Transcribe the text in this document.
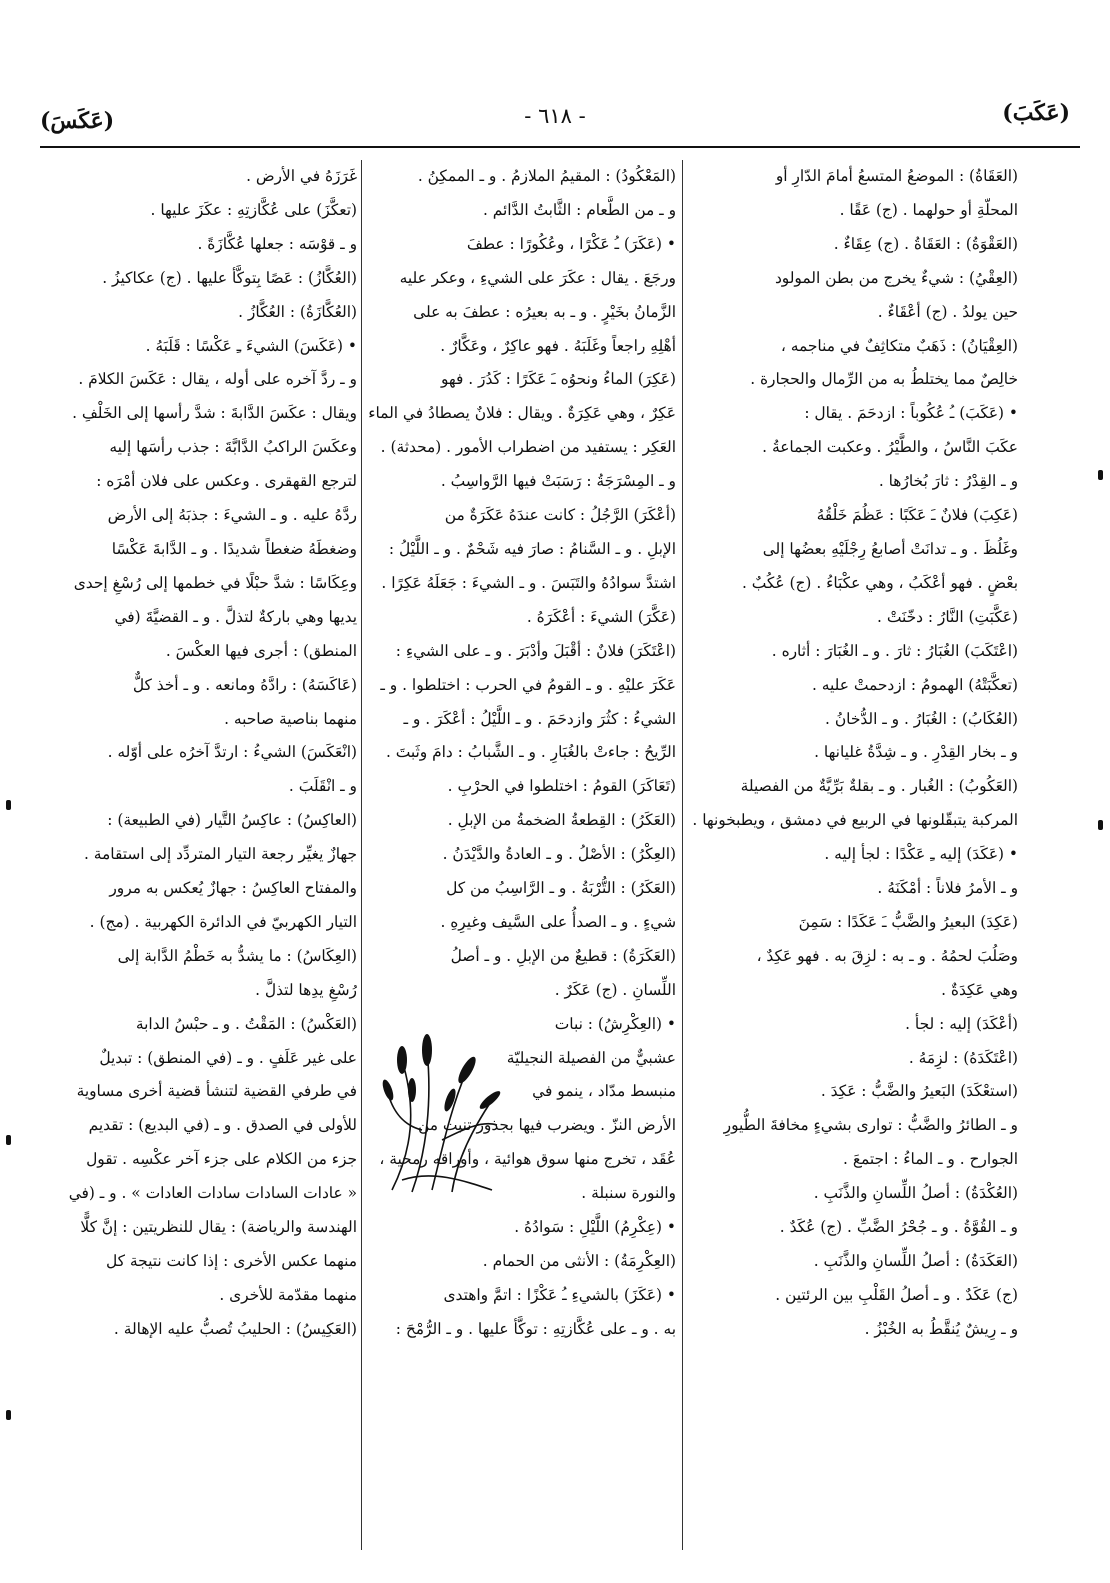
(عَكَبَ)
- ٦١٨ -
(عَكَسَ)

(العَقَاةُ) : الموضعُ المتسعُ أمامَ الدّارِ أو

المحلّةِ أو حولهما . (ج) عَقًا .

(العَقْوَةُ) : العَقَاةُ . (ج) عِقَاءٌ .

(العِقْيُ) : شيءٌ يخرج من بطن المولود

حين يولدُ . (ج) أعْقَاءٌ .

(العِقْيَانُ) : ذَهَبٌ متكاثِفٌ في مناجمه ،

خالِصٌ مما يختلطُ به من الرِّمال والحجارة .

• (عَكَبَ) ـُ عُكُوباً : ازدحَمَ . يقال :

عكَبَ النَّاسُ ، والطَّيْرُ . وعكبت الجماعةُ .

و ـ القِدْرُ : ثارَ بُخارُها .

(عَكِبَ) فلانٌ ـَ عَكَبًا : عَظُمَ خَلْقُهُ

وغَلُظَ . و ـ تدانَتْ أصابعُ رِجْلَيْهِ بعضُها إلى

بعْضٍ . فهو أعْكَبُ ، وهي عكْبَاءُ . (ج) عُكُبٌ .

(عَكَّبَتِ) النَّارُ : دخّنَتْ .

(اعْتَكَبَ) الغُبَارُ : ثارَ . و ـ الغُبَارَ : أثاره .

(تعكَّبَتْهُ) الهمومُ : ازدحمتْ عليه .

(العُكَابُ) : الغُبَارُ . و ـ الدُّخانُ .

و ـ بخار القِدْرِ . و ـ شِدَّةُ غليانها .

(العَكُوبُ) : الغُبار . و ـ بقلةٌ بَرِّيَّةٌ من الفصيلة

المركبة يتبقّلونها في الربيع في دمشق ، ويطبخونها .

• (عَكَدَ) إليه ـِ عَكْدًا : لجأ إليه .

و ـ الأمرُ فلاناً : أمْكَنَهُ .

(عَكِدَ) البعيرُ والضَّبُّ ـَ عَكَدًا : سَمِنَ

وصَلُبَ لحمُهُ . و ـ به : لزِقَ به . فهو عَكِدٌ ،

وهي عَكِدَةٌ .

(أعْكَدَ) إليه : لجأ .

(اعْتَكَدَهُ) : لزِمَهُ .

(استعْكَدَ) البَعيرُ والضَّبُّ : عَكِدَ .

و ـ الطائرُ والضَّبُّ : توارى بشيءٍ مخافةَ الطُّيورِ

الجوارح . و ـ الماءُ : اجتمعَ .

(العُكْدَةُ) : أصلُ اللِّسانِ والذَّنَبِ .

و ـ القُوَّةُ . و ـ جُحْرُ الضَّبِّ . (ج) عُكَدٌ .

(العَكَدَةُ) : أصلُ اللِّسانِ والذَّنَبِ .

(ج) عَكَدٌ . و ـ أصلُ القَلْبِ بين الرئتين .

و ـ رِيشٌ يُنقَّطُ به الخُبْزُ .

(المَعْكُودُ) : المقيمُ الملازمُ . و ـ الممكِنُ .

و ـ من الطَّعام : الثَّابتُ الدَّائم .

• (عَكَرَ) ـُ عَكْرًا ، وعُكُورًا : عطفَ

ورجَعَ . يقال : عكَرَ على الشيءِ ، وعكر عليه

الزَّمانُ بخَيْرٍ . و ـ به بعيرُه : عطفَ به على

أهْلِهِ راجعاً وغَلَبَهُ . فهو عاكِرٌ ، وعَكَّارٌ .

(عَكِرَ) الماءُ ونحوُه ـَ عَكَرًا : كَدُرَ . فهو

عَكِرٌ ، وهي عَكِرَةٌ . ويقال : فلانٌ يصطادُ في الماء

العَكِر : يستفيد من اضطراب الأمور . (محدثة) .

و ـ المِسْرَجَةُ : رَسَبَتْ فيها الرَّواسِبُ .

(أعْكَرَ) الرَّجُلُ : كانت عندَهُ عَكَرَةٌ من

الإبلِ . و ـ السَّنامُ : صارَ فيه شَحْمٌ . و ـ اللَّيْلُ :

اشتدَّ سوادُهُ والتَبَسَ . و ـ الشيءَ : جَعَلَهُ عَكِرًا .

(عَكَّرَ) الشيءَ : أعْكَرَهُ .

(اعْتَكَرَ) فلانٌ : أقْبَلَ وأدْبَرَ . و ـ على الشيءِ :

عَكَرَ عليْهِ . و ـ القومُ في الحرب : اختلطوا . و ـ

الشيءُ : كثُرَ وازدحَمَ . و ـ اللَّيْلُ : أعْكَرَ . و ـ

الرِّيحُ : جاءتْ بالغُبَارِ . و ـ الشَّبابُ : دامَ وثَبتَ .

(تَعَاكَرَ) القومُ : اختلطوا في الحرْبِ .

(العَكَرُ) : القِطعةُ الضخمةُ من الإبلِ .

(العِكْرُ) : الأصْلُ . و ـ العادةُ والدَّيْدَنُ .

(العَكَرُ) : التُّرْبَةُ . و ـ الرَّاسِبُ من كل

شيءٍ . و ـ الصدأُ على السَّيف وغيرِهِ .

(العَكَرَةُ) : قطيعٌ من الإبلِ . و ـ أصلُ

اللِّسانِ . (ج) عَكَرٌ .

• (العِكْرِشُ) : نبات

عشبيٌّ من الفصيلة النجيليّة

منبسط مدّاد ، ينمو في

الأرض النزّ . ويضرب فيها بجذور تنبت من

عُقَد ، تخرج منها سوق هوائية ، وأوراقه رمحية ،

والنورة سنبلة .

• (عِكْرِمُ) اللَّيْلِ : سَوادُهُ .

(العِكْرِمَةُ) : الأنثى من الحمام .

• (عَكَزَ) بالشيءِ ـُ عَكْزًا : اتمَّ واهتدى

به . و ـ على عُكَّازتِهِ : توكَّأ عليها . و ـ الرُّمْحَ :

غَرَزَهُ في الأرض .

(تعكَّزَ) على عُكَّازتِهِ : عكَزَ عليها .

و ـ قوْسَه : جعلها عُكَّازَةً .

(العُكَّازُ) : عَصًا بِتوكَّأ عليها . (ج) عكاكيزُ .

(العُكَّازَةُ) : العُكَّازُ .

• (عَكَسَ) الشيءَ ـِ عَكْسًا : قَلَبَهُ .

و ـ ردَّ آخره على أوله ، يقال : عَكَسَ الكلامَ .

ويقال : عكَسَ الدَّابةَ : شدَّ رأسها إلى الخَلْفِ .

وعكَسَ الراكبُ الدَّابَّةَ : جذب رأسَها إليه

لترجع القهقرى . وعكس على فلان أمْرَه :

ردَّهُ عليه . و ـ الشيءَ : جذبَهُ إلى الأرض

وضغطَهُ ضغطاً شديدًا . و ـ الدَّابةَ عَكْسًا

وعِكَاسًا : شدَّ حبْلًا في خطمها إلى رُسْغِ إحدى

يديها وهي باركةٌ لتذلَّ . و ـ القضيَّةَ (في

المنطق) : أجرى فيها العكْسَ .

(عَاكَسَهُ) : رادَّهُ ومانعه . و ـ أخذ كلٌّ

منهما بناصية صاحبه .

(انْعَكَسَ) الشيءُ : ارتدَّ آخرُه على أوّله .

و ـ انْقَلَبَ .

(العاكِسُ) : عاكِسُ التَّيار (في الطبيعة) :

جهازٌ يغيِّر رجعة التيار المتردِّد إلى استقامة .

والمفتاح العاكِسُ : جهازٌ يُعكس به مرور

التيار الكهربيّ في الدائرة الكهربية . (مج) .

(العِكَاسُ) : ما يشدُّ به خَطْمُ الدَّابة إلى

رُسْغِ يدِها لتذلَّ .

(العَكْسُ) : المَقْتُ . و ـ حبْسُ الدابة

على غير عَلَفٍ . و ـ (في المنطق) : تبديلٌ

في طرفي القضية لتنشأ قضية أخرى مساوية

للأولى في الصدق . و ـ (في البديع) : تقديم

جزء من الكلام على جزء آخر عكْسِه . تقول

« عادات السادات سادات العادات » . و ـ (في

الهندسة والرياضة) : يقال للنظريتين : إنَّ كلًّا

منهما عكس الأخرى : إذا كانت نتيجة كل

منهما مقدّمة للأخرى .

(العَكِيسُ) : الحليبُ تُصبُّ عليه الإهالة .
